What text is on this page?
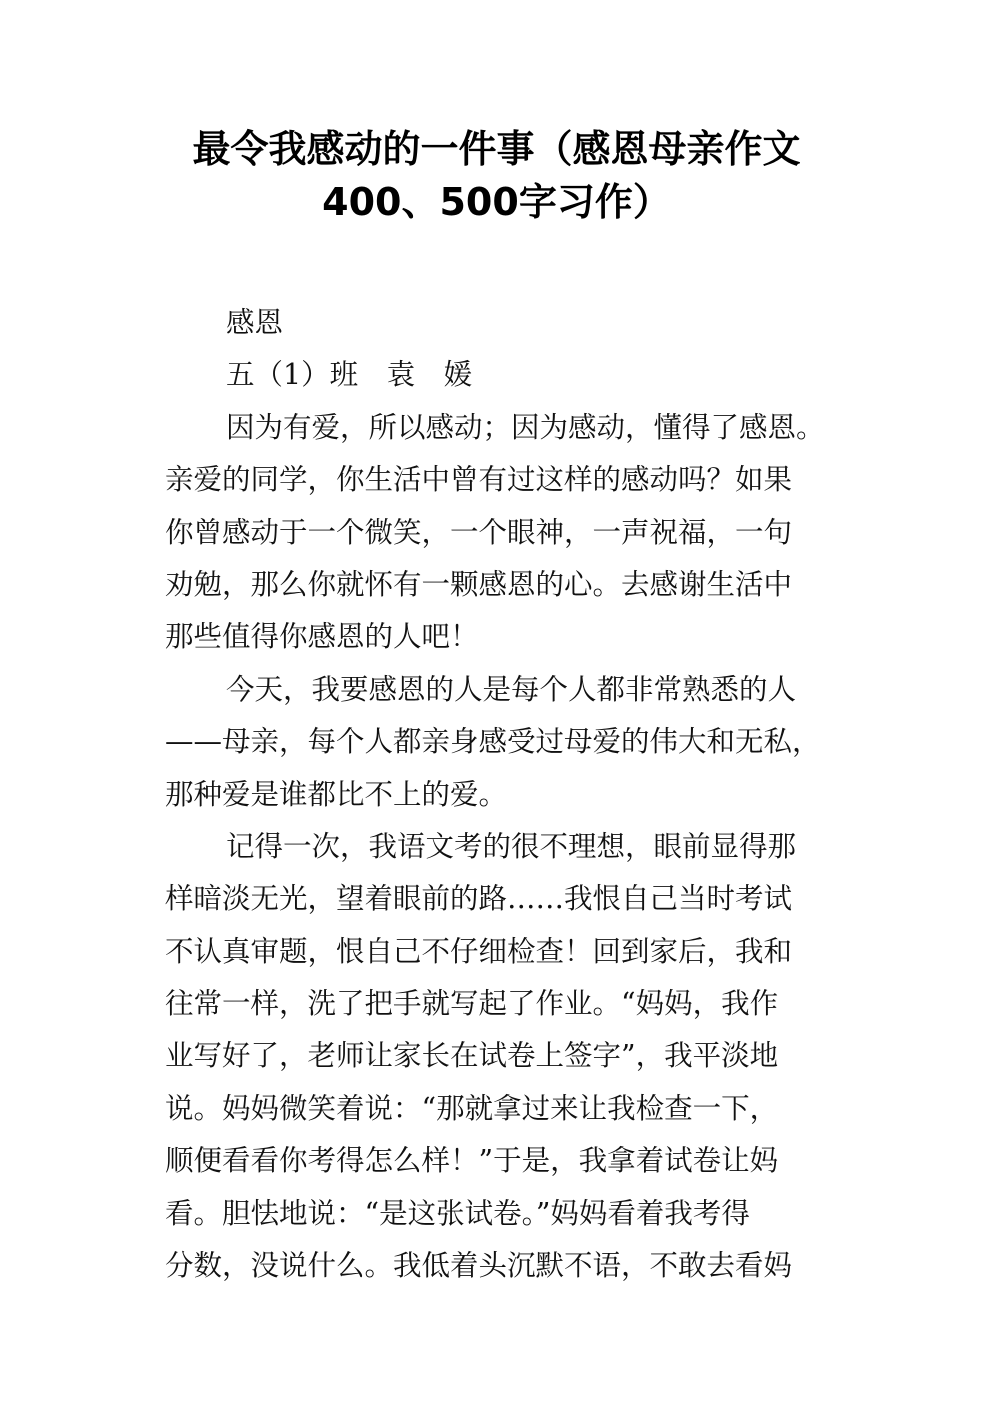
最令我感动的一件事（感恩母亲作文
400、500字习作）
感恩
五（1）班　袁　媛
因为有爱，所以感动；因为感动，懂得了感恩。
亲爱的同学，你生活中曾有过这样的感动吗？如果
你曾感动于一个微笑，一个眼神，一声祝福，一句
劝勉，那么你就怀有一颗感恩的心。去感谢生活中
那些值得你感恩的人吧！
今天，我要感恩的人是每个人都非常熟悉的人
——母亲，每个人都亲身感受过母爱的伟大和无私，
那种爱是谁都比不上的爱。
记得一次，我语文考的很不理想，眼前显得那
样暗淡无光，望着眼前的路……我恨自己当时考试
不认真审题，恨自己不仔细检查！回到家后，我和
往常一样，洗了把手就写起了作业。“妈妈，我作
业写好了，老师让家长在试卷上签字”，我平淡地
说。妈妈微笑着说：“那就拿过来让我检查一下，
顺便看看你考得怎么样！”于是，我拿着试卷让妈
看。胆怯地说：“是这张试卷。”妈妈看着我考得
分数，没说什么。我低着头沉默不语，不敢去看妈
